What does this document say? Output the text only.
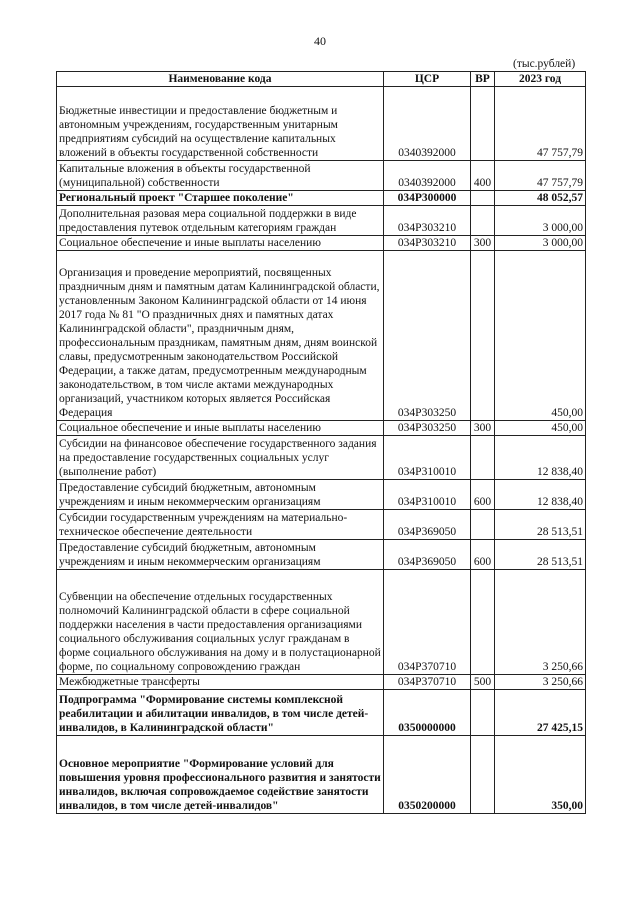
40
(тыс.рублей)
Наименование кода	ЦСР	ВР	2023 год
Бюджетные инвестиции и предоставление бюджетным и автономным учреждениям, государственным унитарным предприятиям субсидий на осуществление капитальных вложений в объекты государственной собственности	0340392000		47 757,79
Капитальные вложения в объекты государственной (муниципальной) собственности	0340392000	400	47 757,79
Региональный проект "Старшее поколение"	034Р300000		48 052,57
Дополнительная разовая мера социальной поддержки в виде предоставления путевок отдельным категориям граждан	034Р303210		3 000,00
Социальное обеспечение и иные выплаты населению	034Р303210	300	3 000,00
Организация и проведение мероприятий, посвященных праздничным дням и памятным датам Калининградской области, установленным Законом Калининградской области от 14 июня 2017 года № 81 "О праздничных днях и памятных датах Калининградской области", праздничным дням, профессиональным праздникам, памятным дням, дням воинской славы, предусмотренным законодательством Российской Федерации, а также датам, предусмотренным международным законодательством, в том числе актами международных организаций, участником которых является Российская Федерация	034Р303250		450,00
Социальное обеспечение и иные выплаты населению	034Р303250	300	450,00
Субсидии на финансовое обеспечение государственного задания на предоставление государственных социальных услуг (выполнение работ)	034Р310010		12 838,40
Предоставление субсидий бюджетным, автономным учреждениям и иным некоммерческим организациям	034Р310010	600	12 838,40
Субсидии государственным учреждениям на материально-техническое обеспечение деятельности	034Р369050		28 513,51
Предоставление субсидий бюджетным, автономным учреждениям и иным некоммерческим организациям	034Р369050	600	28 513,51
Субвенции на обеспечение отдельных государственных полномочий Калининградской области в сфере социальной поддержки населения в части предоставления организациями социального обслуживания социальных услуг гражданам в форме социального обслуживания на дому и в полустационарной форме, по социальному сопровождению граждан	034Р370710		3 250,66
Межбюджетные трансферты	034Р370710	500	3 250,66
Подпрограмма "Формирование системы комплексной реабилитации и абилитации инвалидов, в том числе детей-инвалидов, в Калининградской области"	0350000000		27 425,15
Основное мероприятие "Формирование условий для повышения уровня профессионального развития и занятости инвалидов, включая сопровождаемое содействие занятости инвалидов, в том числе детей-инвалидов"	0350200000		350,00
